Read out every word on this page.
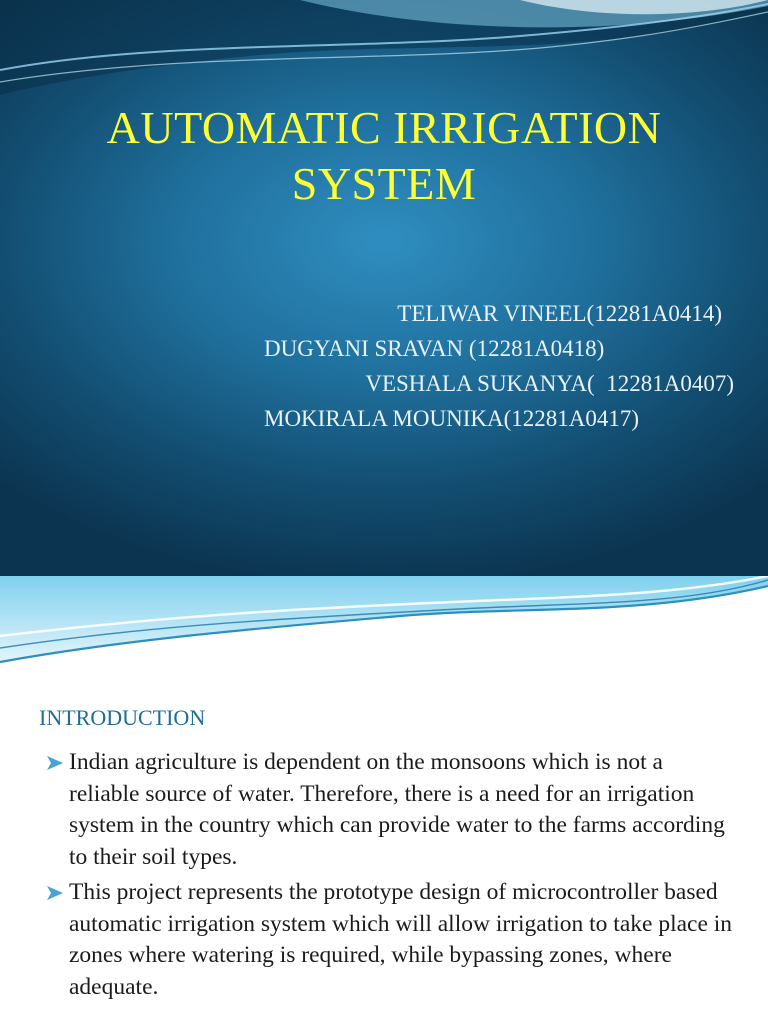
AUTOMATIC IRRIGATION
SYSTEM
TELIWAR VINEEL(12281A0414)
DUGYANI SRAVAN (12281A0418)
VESHALA SUKANYA(  12281A0407)
MOKIRALA MOUNIKA(12281A0417)
INTRODUCTION
Indian agriculture is dependent on the monsoons which is not a reliable source of water. Therefore, there is a need for an irrigation system in the country which can provide water to the farms according to their soil types.
This project represents the prototype design of microcontroller based automatic irrigation system which will allow irrigation to take place in zones where watering is required, while bypassing zones, where adequate.
